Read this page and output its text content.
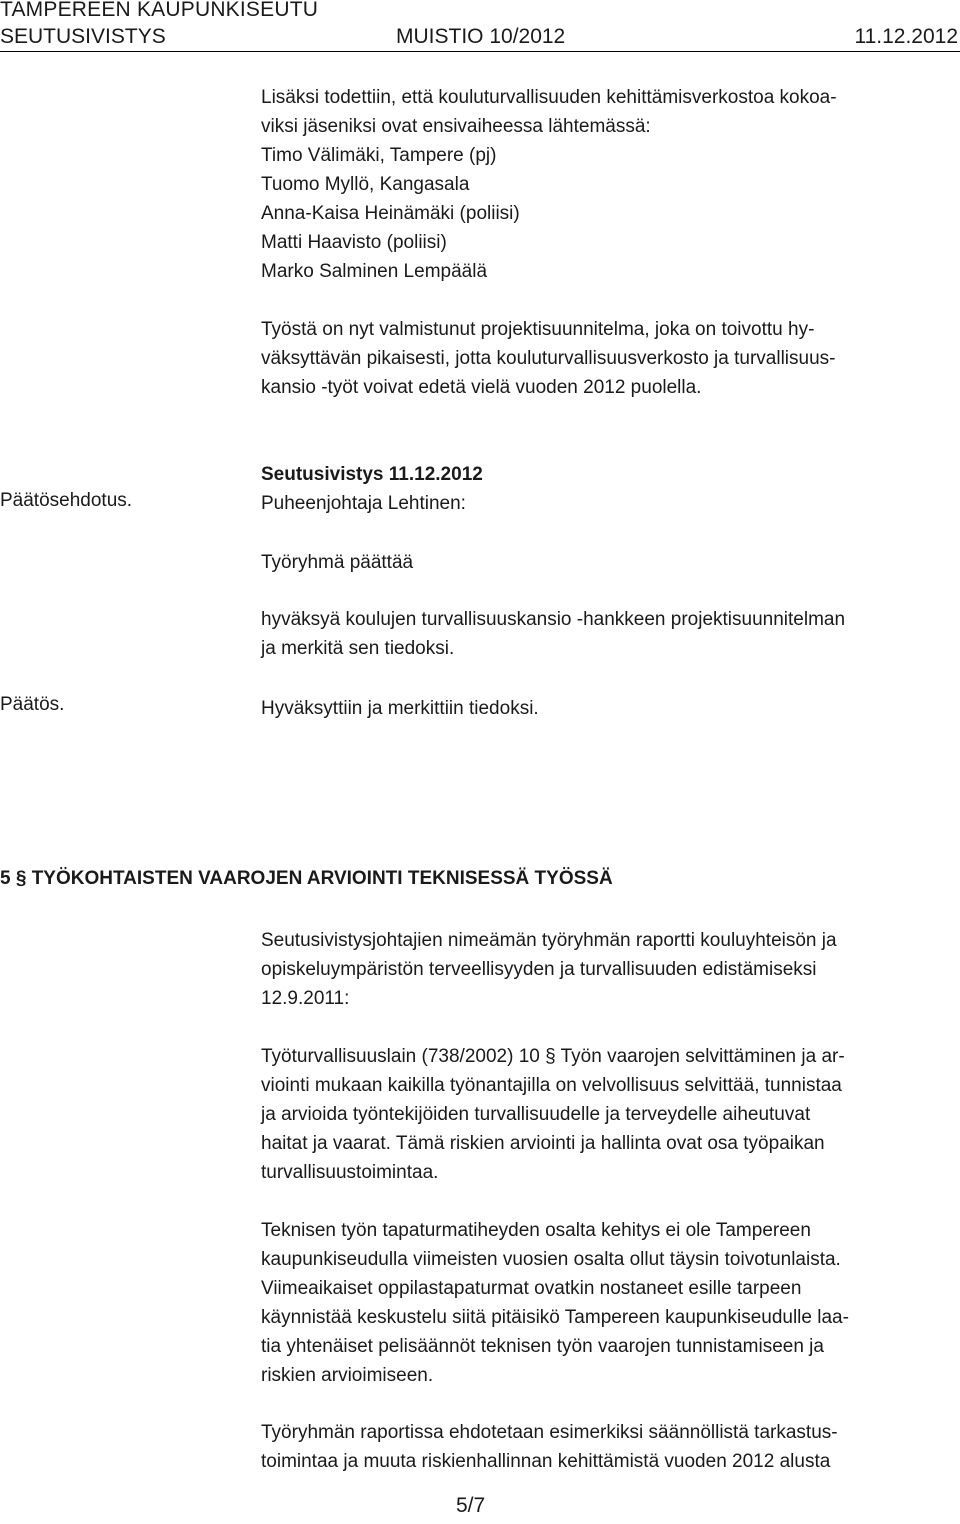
TAMPEREEN KAUPUNKISEUTU
SEUTUSIVISTYS	MUISTIO 10/2012	11.12.2012
Lisäksi todettiin, että kouluturvallisuuden kehittämisverkostoa kokoa-
viksi jäseniksi ovat ensivaiheessa lähtemässä:
Timo Välimäki, Tampere (pj)
Tuomo Myllö, Kangasala
Anna-Kaisa Heinämäki (poliisi)
Matti Haavisto (poliisi)
Marko Salminen Lempäälä
Työstä on nyt valmistunut projektisuunnitelma, joka on toivottu hy-
väksyttävän pikaisesti, jotta kouluturvallisuusverkosto ja turvallisuus-
kansio -työt voivat edetä vielä vuoden 2012 puolella.
Päätösehdotus.
Seutusivistys 11.12.2012
Puheenjohtaja Lehtinen:
Työryhmä päättää
hyväksyä koulujen turvallisuuskansio -hankkeen projektisuunnitelman
ja merkitä sen tiedoksi.
Päätös.	Hyväksyttiin ja merkittiin tiedoksi.
5 § TYÖKOHTAISTEN VAAROJEN ARVIOINTI TEKNISESSÄ TYÖSSÄ
Seutusivistysjohtajien nimeämän työryhmän raportti kouluyhteisön ja
opiskeluympäristön terveellisyyden ja turvallisuuden edistämiseksi
12.9.2011:
Työturvallisuuslain (738/2002) 10 § Työn vaarojen selvittäminen ja ar-
viointi mukaan kaikilla työnantajilla on velvollisuus selvittää, tunnistaa
ja arvioida työntekijöiden turvallisuudelle ja terveydelle aiheutuvat
haitat ja vaarat. Tämä riskien arviointi ja hallinta ovat osa työpaikan
turvallisuustoimintaa.
Teknisen työn tapaturmatiheyden osalta kehitys ei ole Tampereen
kaupunkiseudulla viimeisten vuosien osalta ollut täysin toivotunlaista.
Viimeaikaiset oppilastapaturmat ovatkin nostaneet esille tarpeen
käynnistää keskustelu siitä pitäisikö Tampereen kaupunkiseudulle laa-
tia yhtenäiset pelisäännöt teknisen työn vaarojen tunnistamiseen ja
riskien arvioimiseen.
Työryhmän raportissa ehdotetaan esimerkiksi säännöllistä tarkastus-
toimintaa ja muuta riskienhallinnan kehittämistä vuoden 2012 alusta
5/7
